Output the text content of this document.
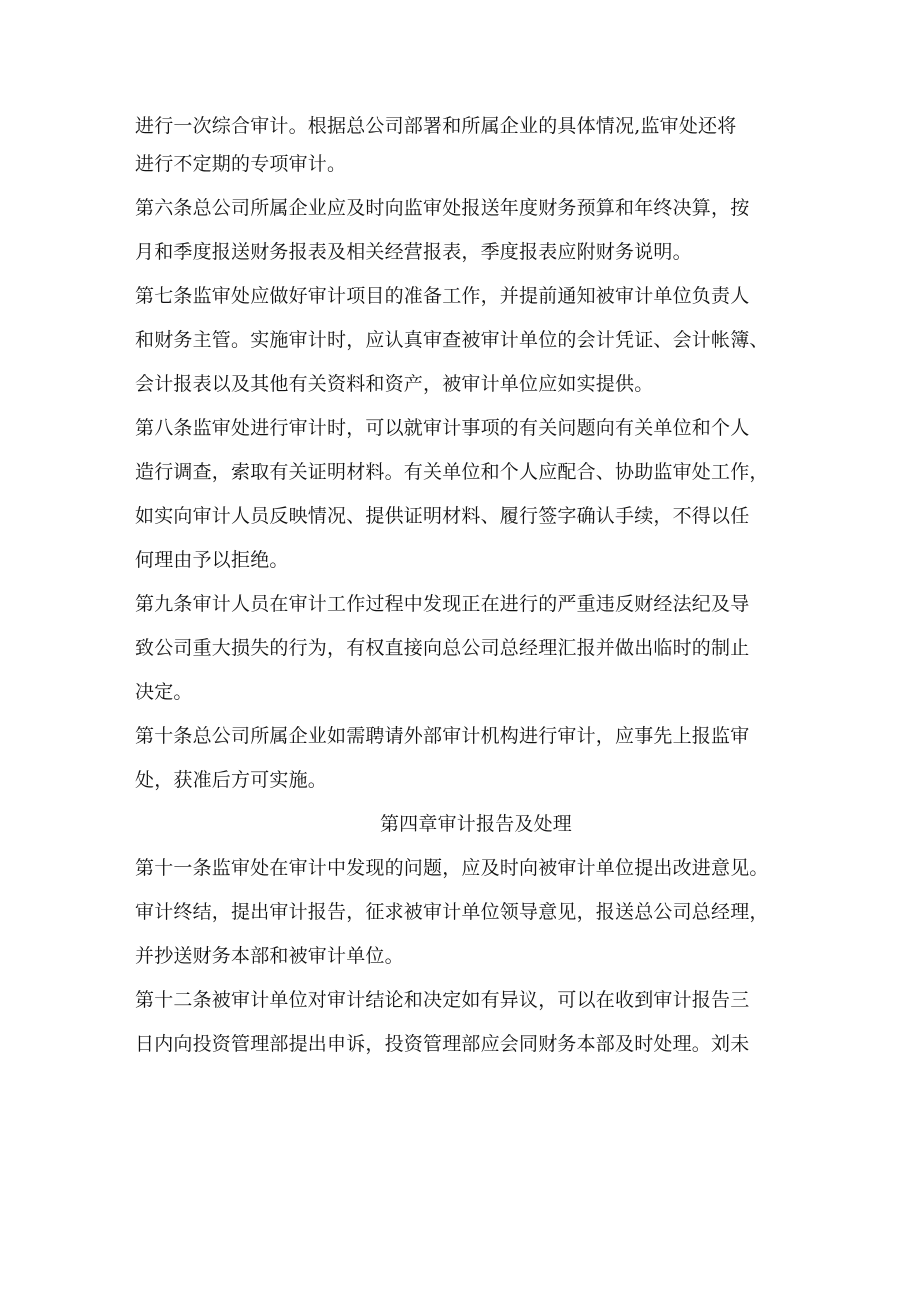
进行一次综合审计。根据总公司部署和所属企业的具体情况,监审处还将
进行不定期的专项审计。
第六条总公司所属企业应及时向监审处报送年度财务预算和年终决算，按
月和季度报送财务报表及相关经营报表，季度报表应附财务说明。
第七条监审处应做好审计项目的准备工作，并提前通知被审计单位负责人
和财务主管。实施审计时，应认真审查被审计单位的会计凭证、会计帐簿、
会计报表以及其他有关资料和资产，被审计单位应如实提供。
第八条监审处进行审计时，可以就审计事项的有关问题向有关单位和个人
造行调查，索取有关证明材料。有关单位和个人应配合、协助监审处工作，
如实向审计人员反映情况、提供证明材料、履行签字确认手续，不得以任
何理由予以拒绝。
第九条审计人员在审计工作过程中发现正在进行的严重违反财经法纪及导
致公司重大损失的行为，有权直接向总公司总经理汇报并做出临时的制止
决定。
第十条总公司所属企业如需聘请外部审计机构进行审计，应事先上报监审
处，获准后方可实施。
第四章审计报告及处理
第十一条监审处在审计中发现的问题，应及时向被审计单位提出改进意见。
审计终结，提出审计报告，征求被审计单位领导意见，报送总公司总经理，
并抄送财务本部和被审计单位。
第十二条被审计单位对审计结论和决定如有异议，可以在收到审计报告三
日内向投资管理部提出申诉，投资管理部应会同财务本部及时处理。刘未
